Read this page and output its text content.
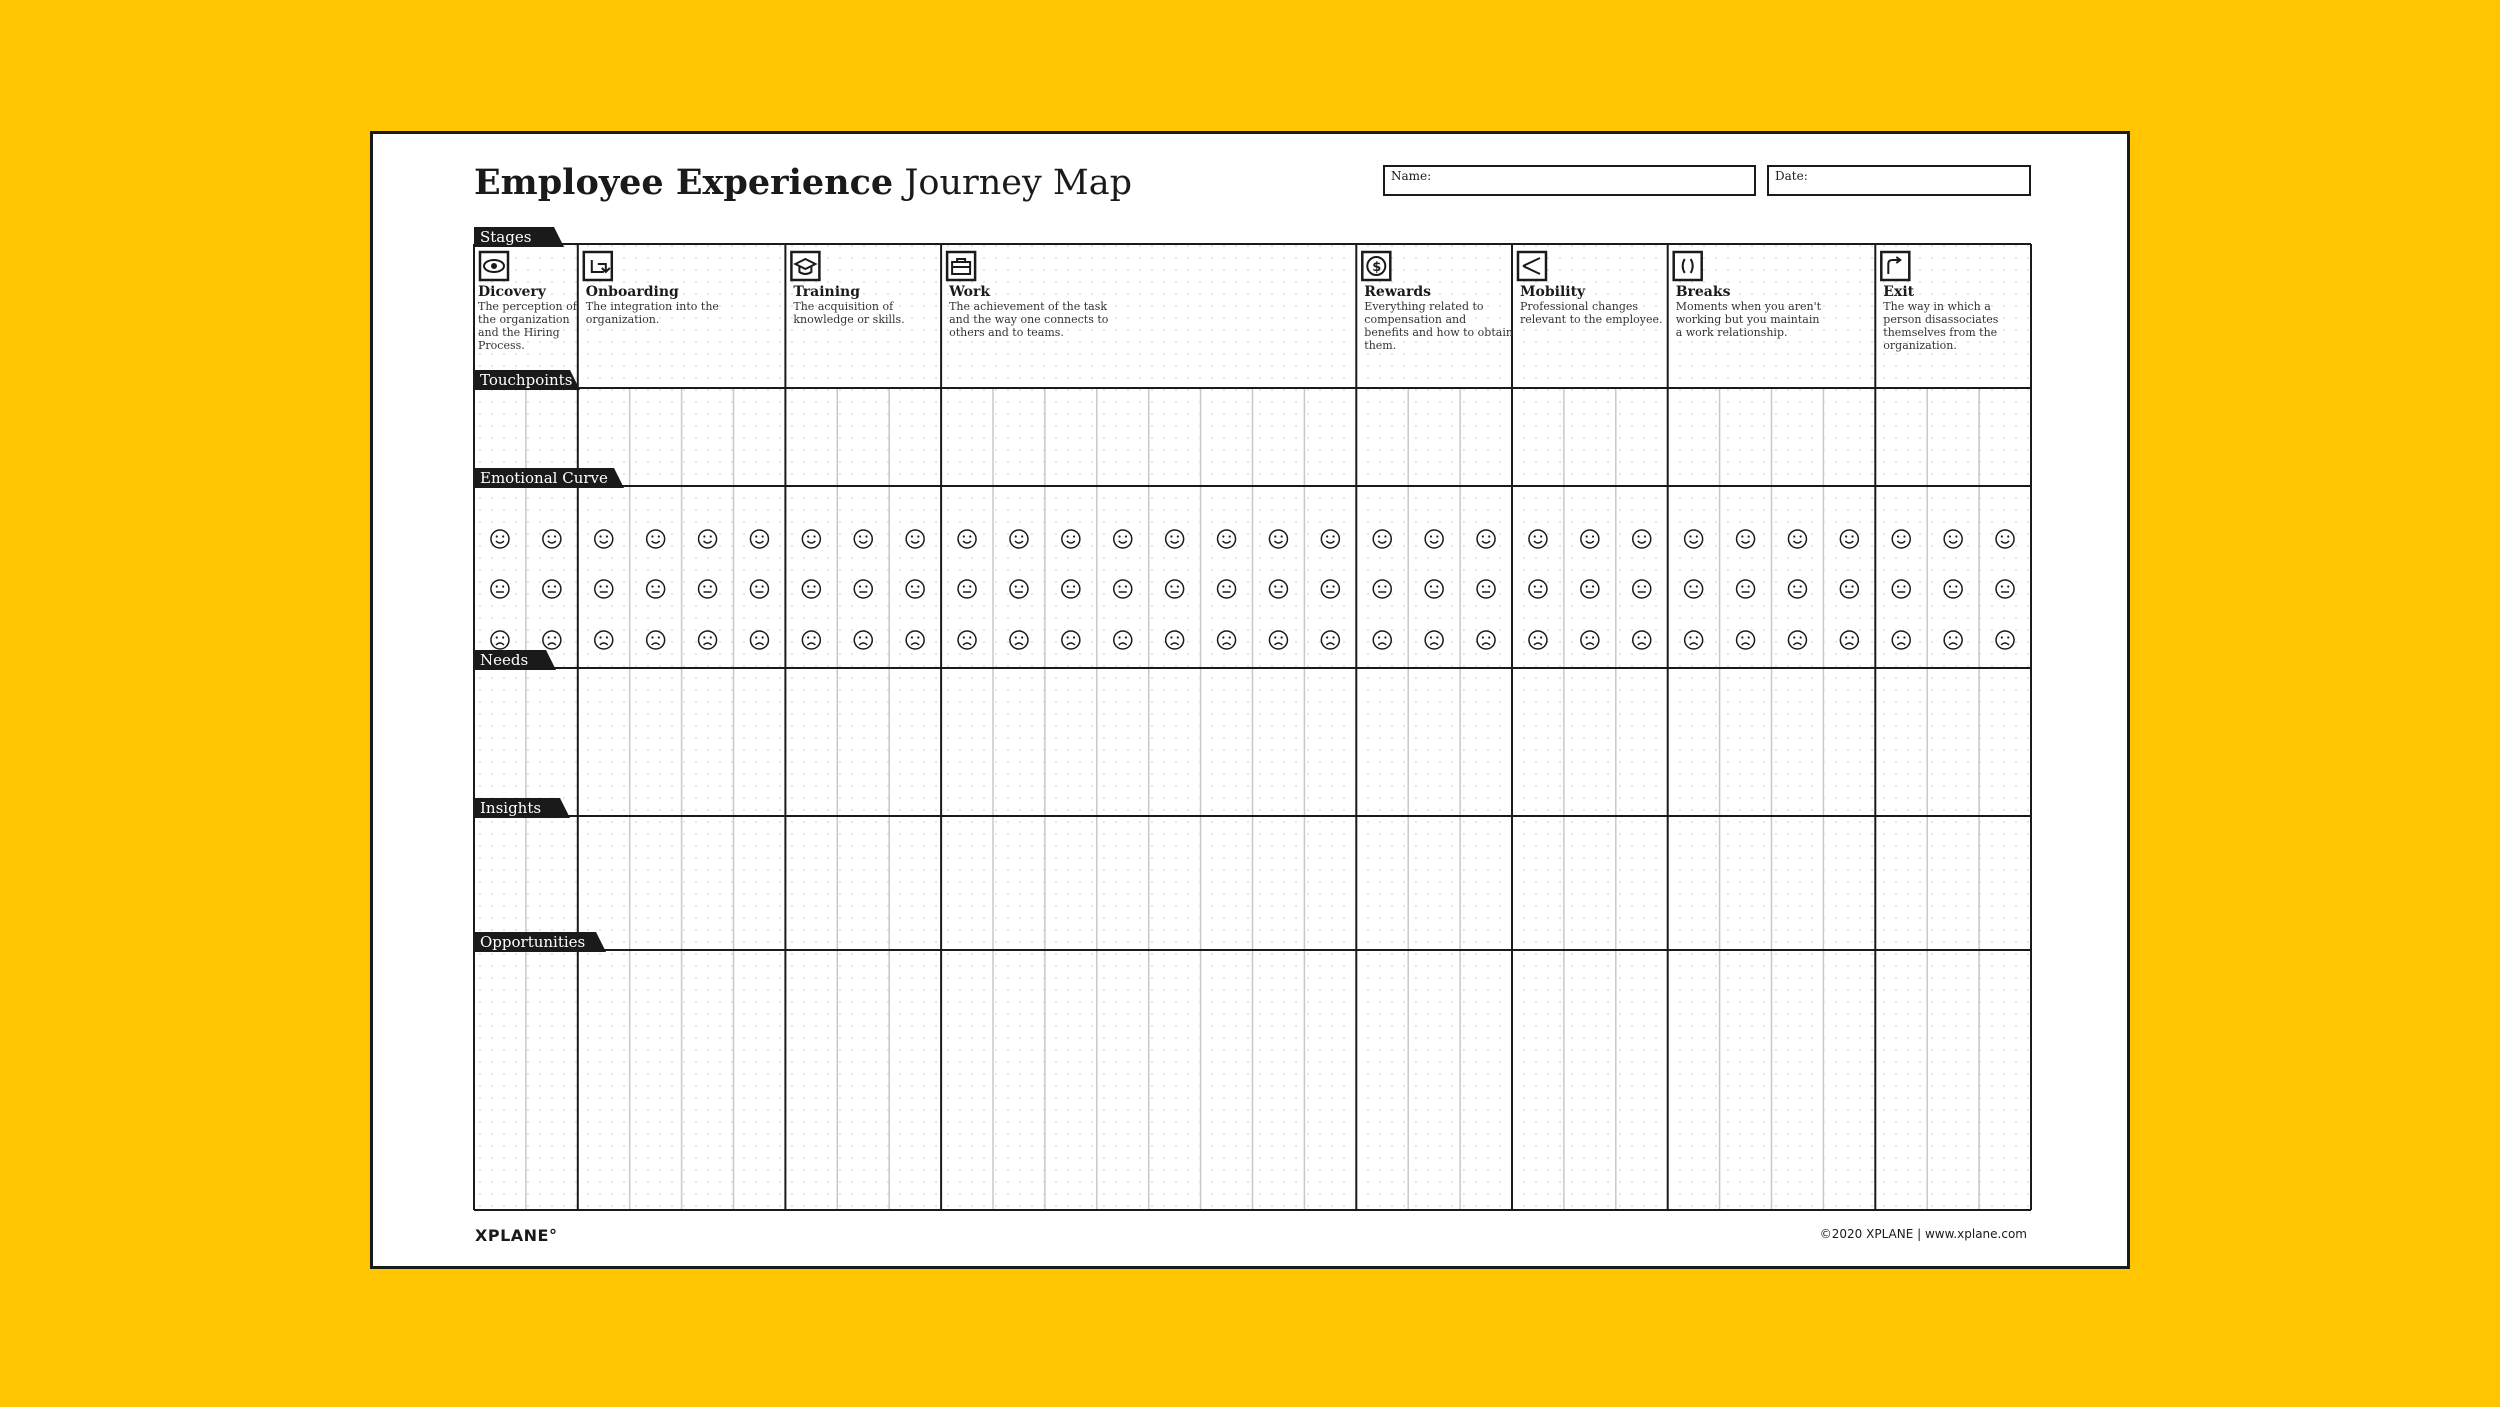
Employee Experience Journey Map	Name:	Date:
Stages
Touchpoints
Emotional Curve
Needs
Insights
Opportunities
Dicovery
The perception of
the organization
and the Hiring
Process.
Onboarding
The integration into the
organization.
Training
The acquisition of
knowledge or skills.
Work
The achievement of the task
and the way one connects to
others and to teams.
$
Rewards
Everything related to
compensation and
benefits and how to obtain
them.
Mobility
Professional changes
relevant to the employee.
Breaks
Moments when you aren't
working but you maintain
a work relationship.
Exit
The way in which a
person disassociates
themselves from the
organization.
XPLANE°	©2020 XPLANE | www.xplane.com
